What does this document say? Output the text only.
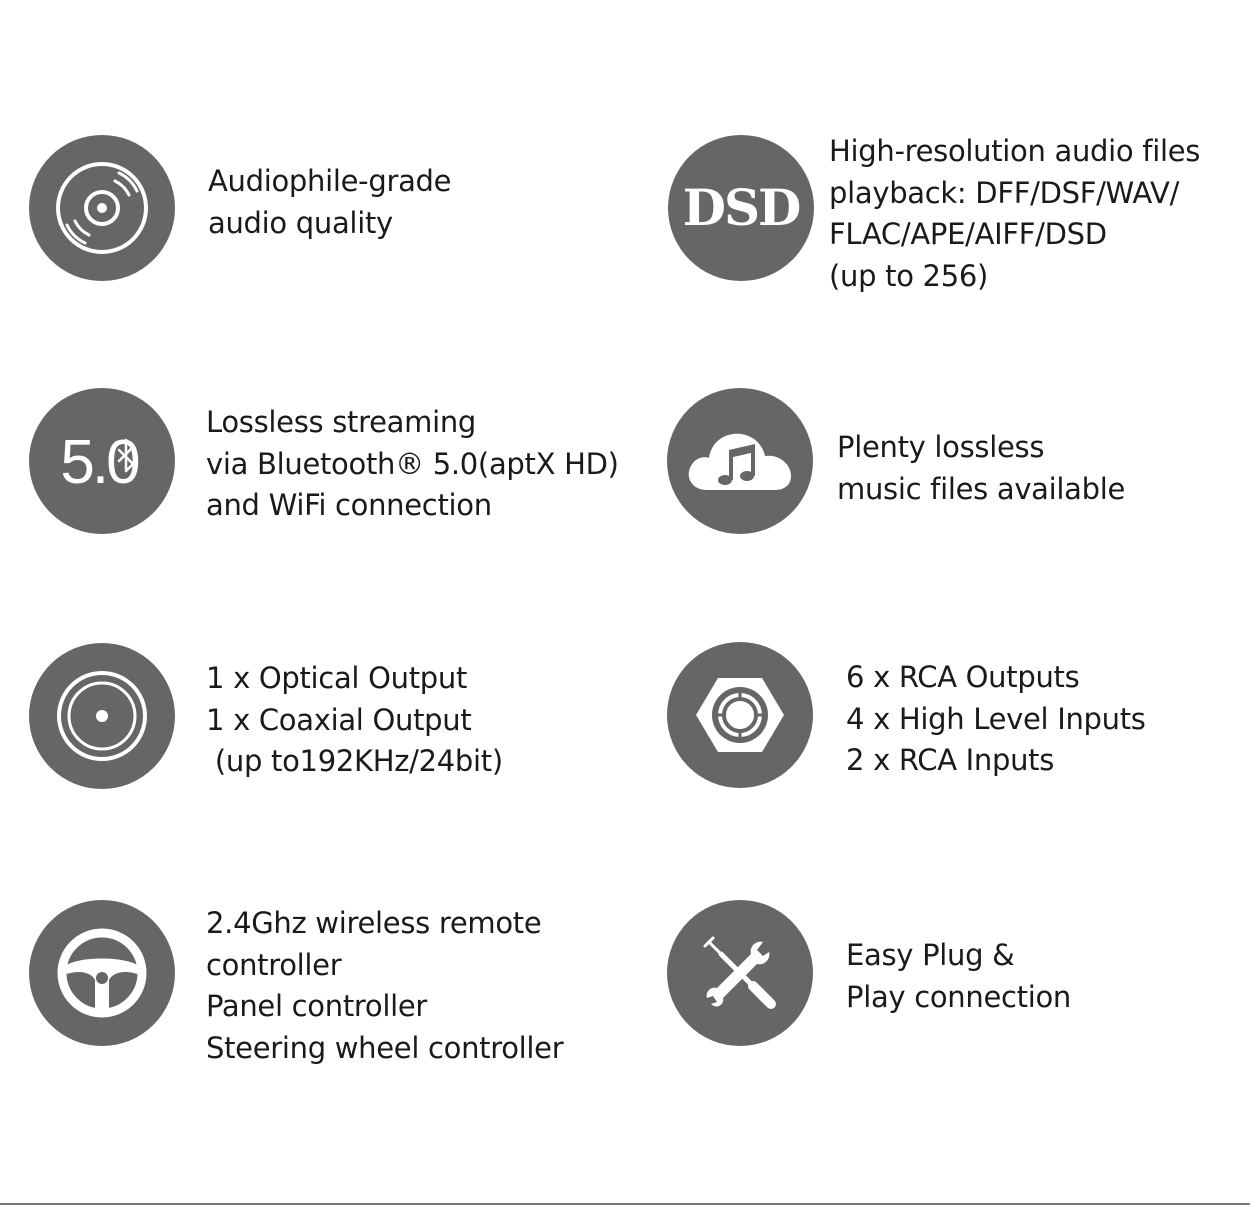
Audiophile-grade
audio quality	DSD
High-resolution audio files
playback: DFF/DSF/WAV/
FLAC/APE/AIFF/DSD
(up to 256)
5.0
Lossless streaming
via Bluetooth® 5.0(aptX HD)
and WiFi connection
Plenty lossless
music files available
1 x Optical Output
1 x Coaxial Output
(up to192KHz/24bit)
6 x RCA Outputs
4 x High Level Inputs
2 x RCA Inputs
2.4Ghz wireless remote
controller
Panel controller
Steering wheel controller
Easy Plug &
Play connection
